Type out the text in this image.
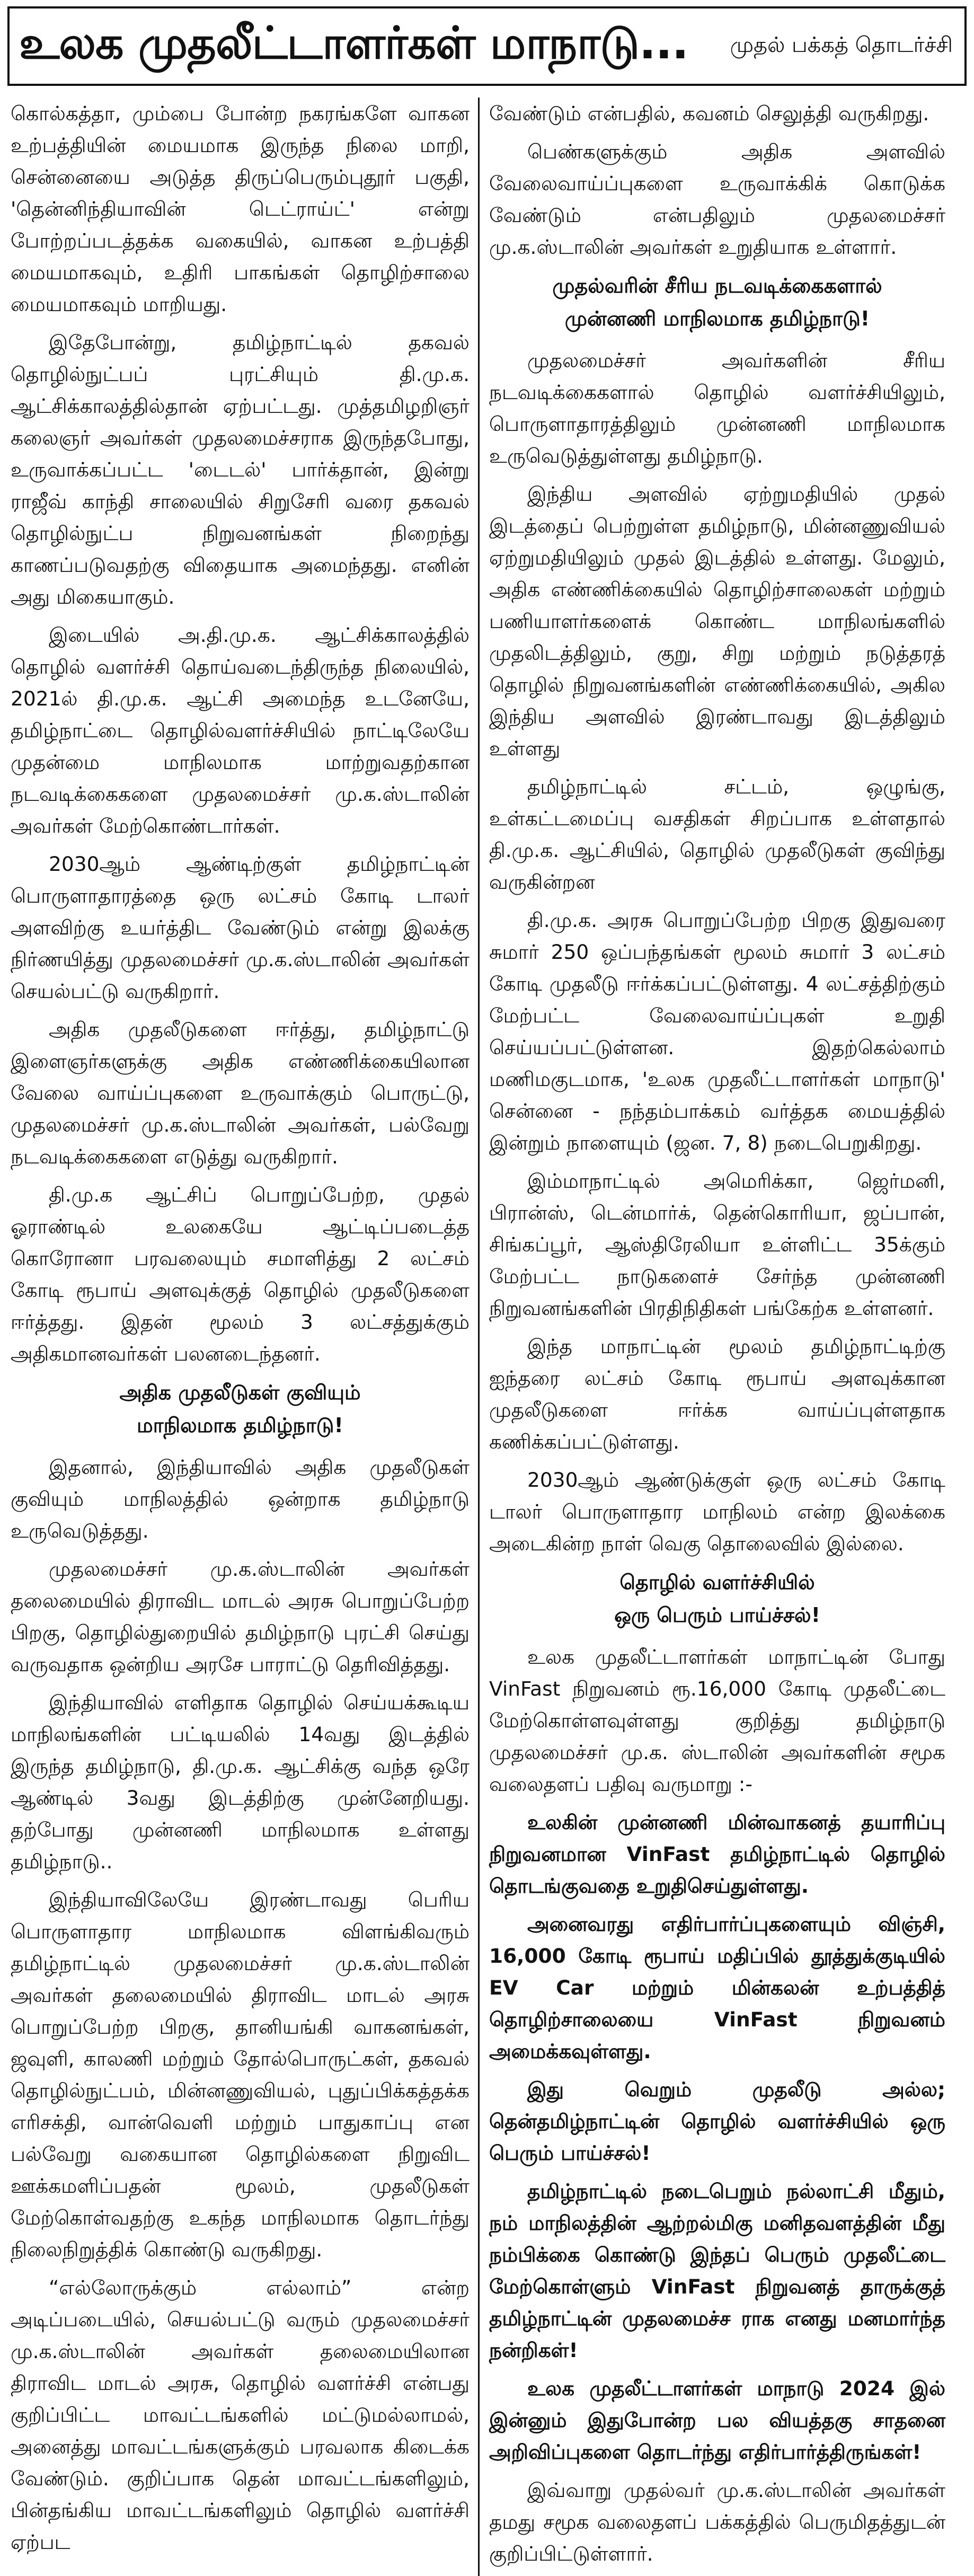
உலக முதலீட்டாளர்கள் மாநாடு... முதல் பக்கத் தொடர்ச்சி

கொல்கத்தா, மும்பை போன்ற நகரங்களே வாகன உற்பத்தியின் மையமாக இருந்த நிலை மாறி, சென்னையை அடுத்த திருப்பெரும்புதூர் பகுதி, 'தென்னிந்தியாவின் டெட்ராய்ட்' என்று போற்றப்படத்தக்க வகையில், வாகன உற்பத்தி மையமாகவும், உதிரி பாகங்கள் தொழிற்சாலை மையமாகவும் மாறியது.

இதேபோன்று, தமிழ்நாட்டில் தகவல் தொழில்நுட்பப் புரட்சியும் தி.மு.க. ஆட்சிக்காலத்தில்தான் ஏற்பட்டது. முத்தமிழறிஞர் கலைஞர் அவர்கள் முதலமைச்சராக இருந்தபோது, உருவாக்கப்பட்ட 'டைடல்' பார்க்தான், இன்று ராஜீவ் காந்தி சாலையில் சிறுசேரி வரை தகவல் தொழில்நுட்ப நிறுவனங்கள் நிறைந்து காணப்படுவதற்கு விதையாக அமைந்தது. எனின் அது மிகையாகும்.

இடையில் அ.தி.மு.க. ஆட்சிக்காலத்தில் தொழில் வளர்ச்சி தொய்வடைந்திருந்த நிலையில், 2021ல் தி.மு.க. ஆட்சி அமைந்த உடனேயே, தமிழ்நாட்டை தொழில்வளர்ச்சியில் நாட்டிலேயே முதன்மை மாநிலமாக மாற்றுவதற்கான நடவடிக்கைகளை முதலமைச்சர் மு.க.ஸ்டாலின் அவர்கள் மேற்கொண்டார்கள்.

2030ஆம் ஆண்டிற்குள் தமிழ்நாட்டின் பொருளாதாரத்தை ஒரு லட்சம் கோடி டாலர் அளவிற்கு உயர்த்திட வேண்டும் என்று இலக்கு நிர்ணயித்து முதலமைச்சர் மு.க.ஸ்டாலின் அவர்கள் செயல்பட்டு வருகிறார்.

அதிக முதலீடுகளை ஈர்த்து, தமிழ்நாட்டு இளைஞர்களுக்கு அதிக எண்ணிக்கையிலான வேலை வாய்ப்புகளை உருவாக்கும் பொருட்டு, முதலமைச்சர் மு.க.ஸ்டாலின் அவர்கள், பல்வேறு நடவடிக்கைகளை எடுத்து வருகிறார்.

தி.மு.க ஆட்சிப் பொறுப்பேற்ற, முதல் ஓராண்டில் உலகையே ஆட்டிப்படைத்த கொரோனா பரவலையும் சமாளித்து 2 லட்சம் கோடி ரூபாய் அளவுக்குத் தொழில் முதலீடுகளை ஈர்த்தது. இதன் மூலம் 3 லட்சத்துக்கும் அதிகமானவர்கள் பலனடைந்தனர்.

அதிக முதலீடுகள் குவியும்
மாநிலமாக தமிழ்நாடு!

இதனால், இந்தியாவில் அதிக முதலீடுகள் குவியும் மாநிலத்தில் ஒன்றாக தமிழ்நாடு உருவெடுத்தது.

முதலமைச்சர் மு.க.ஸ்டாலின் அவர்கள் தலைமையில் திராவிட மாடல் அரசு பொறுப்பேற்ற பிறகு, தொழில்துறையில் தமிழ்நாடு புரட்சி செய்து வருவதாக ஒன்றிய அரசே பாராட்டு தெரிவித்தது.

இந்தியாவில் எளிதாக தொழில் செய்யக்கூடிய மாநிலங்களின் பட்டியலில் 14வது இடத்தில் இருந்த தமிழ்நாடு, தி.மு.க. ஆட்சிக்கு வந்த ஒரே ஆண்டில் 3வது இடத்திற்கு முன்னேறியது. தற்போது முன்னணி மாநிலமாக உள்ளது தமிழ்நாடு..

இந்தியாவிலேயே இரண்டாவது பெரிய பொருளாதார மாநிலமாக விளங்கிவரும் தமிழ்நாட்டில் முதலமைச்சர் மு.க.ஸ்டாலின் அவர்கள் தலைமையில் திராவிட மாடல் அரசு பொறுப்பேற்ற பிறகு, தானியங்கி வாகனங்கள், ஜவுளி, காலணி மற்றும் தோல்பொருட்கள், தகவல் தொழில்நுட்பம், மின்னணுவியல், புதுப்பிக்கத்தக்க எரிசக்தி, வான்வெளி மற்றும் பாதுகாப்பு என பல்வேறு வகையான தொழில்களை நிறுவிட ஊக்கமளிப்பதன் மூலம், முதலீடுகள் மேற்கொள்வதற்கு உகந்த மாநிலமாக தொடர்ந்து நிலைநிறுத்திக் கொண்டு வருகிறது.

“எல்லோருக்கும் எல்லாம்” என்ற அடிப்படையில், செயல்பட்டு வரும் முதலமைச்சர் மு.க.ஸ்டாலின் அவர்கள் தலைமையிலான திராவிட மாடல் அரசு, தொழில் வளர்ச்சி என்பது குறிப்பிட்ட மாவட்டங்களில் மட்டுமல்லாமல், அனைத்து மாவட்டங்களுக்கும் பரவலாக கிடைக்க வேண்டும். குறிப்பாக தென் மாவட்டங்களிலும், பின்தங்கிய மாவட்டங்களிலும் தொழில் வளர்ச்சி ஏற்பட

வேண்டும் என்பதில், கவனம் செலுத்தி வருகிறது.

பெண்களுக்கும் அதிக அளவில் வேலைவாய்ப்புகளை உருவாக்கிக் கொடுக்க வேண்டும் என்பதிலும் முதலமைச்சர் மு.க.ஸ்டாலின் அவர்கள் உறுதியாக உள்ளார்.

முதல்வரின் சீரிய நடவடிக்கைகளால்
முன்னணி மாநிலமாக தமிழ்நாடு!

முதலமைச்சர் அவர்களின் சீரிய நடவடிக்கைகளால் தொழில் வளர்ச்சியிலும், பொருளாதாரத்திலும் முன்னணி மாநிலமாக உருவெடுத்துள்ளது தமிழ்நாடு.

இந்திய அளவில் ஏற்றுமதியில் முதல் இடத்தைப் பெற்றுள்ள தமிழ்நாடு, மின்னணுவியல் ஏற்றுமதியிலும் முதல் இடத்தில் உள்ளது. மேலும், அதிக எண்ணிக்கையில் தொழிற்சாலைகள் மற்றும் பணியாளர்களைக் கொண்ட மாநிலங்களில் முதலிடத்திலும், குறு, சிறு மற்றும் நடுத்தரத் தொழில் நிறுவனங்களின் எண்ணிக்கையில், அகில இந்திய அளவில் இரண்டாவது இடத்திலும் உள்ளது

தமிழ்நாட்டில் சட்டம், ஒழுங்கு, உள்கட்டமைப்பு வசதிகள் சிறப்பாக உள்ளதால் தி.மு.க. ஆட்சியில், தொழில் முதலீடுகள் குவிந்து வருகின்றன

தி.மு.க. அரசு பொறுப்பேற்ற பிறகு இதுவரை சுமார் 250 ஒப்பந்தங்கள் மூலம் சுமார் 3 லட்சம் கோடி முதலீடு ஈர்க்கப்பட்டுள்ளது. 4 லட்சத்திற்கும் மேற்பட்ட வேலைவாய்ப்புகள் உறுதி செய்யப்பட்டுள்ளன. இதற்கெல்லாம் மணிமகுடமாக, 'உலக முதலீட்டாளர்கள் மாநாடு' சென்னை - நந்தம்பாக்கம் வர்த்தக மையத்தில் இன்றும் நாளையும் (ஜன. 7, 8) நடைபெறுகிறது.

இம்மாநாட்டில் அமெரிக்கா, ஜெர்மனி, பிரான்ஸ், டென்மார்க், தென்கொரியா, ஜப்பான், சிங்கப்பூர், ஆஸ்திரேலியா உள்ளிட்ட 35க்கும் மேற்பட்ட நாடுகளைச் சேர்ந்த முன்னணி நிறுவனங்களின் பிரதிநிதிகள் பங்கேற்க உள்ளனர்.

இந்த மாநாட்டின் மூலம் தமிழ்நாட்டிற்கு ஐந்தரை லட்சம் கோடி ரூபாய் அளவுக்கான முதலீடுகளை ஈர்க்க வாய்ப்புள்ளதாக கணிக்கப்பட்டுள்ளது.

2030ஆம் ஆண்டுக்குள் ஒரு லட்சம் கோடி டாலர் பொருளாதார மாநிலம் என்ற இலக்கை அடைகின்ற நாள் வெகு தொலைவில் இல்லை.

தொழில் வளர்ச்சியில்
ஒரு பெரும் பாய்ச்சல்!

உலக முதலீட்டாளர்கள் மாநாட்டின் போது VinFast நிறுவனம் ரூ.16,000 கோடி முதலீட்டை மேற்கொள்ளவுள்ளது குறித்து தமிழ்நாடு முதலமைச்சர் மு.க. ஸ்டாலின் அவர்களின் சமூக வலைதளப் பதிவு வருமாறு :-

உலகின் முன்னணி மின்வாகனத் தயாரிப்பு நிறுவனமான VinFast தமிழ்நாட்டில் தொழில் தொடங்குவதை உறுதிசெய்துள்ளது.

அனைவரது எதிர்பார்ப்புகளையும் விஞ்சி, 16,000 கோடி ரூபாய் மதிப்பில் தூத்துக்குடியில் EV Car மற்றும் மின்கலன் உற்பத்தித் தொழிற்சாலையை VinFast நிறுவனம் அமைக்கவுள்ளது.

இது வெறும் முதலீடு அல்ல; தென்தமிழ்நாட்டின் தொழில் வளர்ச்சியில் ஒரு பெரும் பாய்ச்சல்!

தமிழ்நாட்டில் நடைபெறும் நல்லாட்சி மீதும், நம் மாநிலத்தின் ஆற்றல்மிகு மனிதவளத்தின் மீது நம்பிக்கை கொண்டு இந்தப் பெரும் முதலீட்டை மேற்கொள்ளும் VinFast நிறுவனத் தாருக்குத் தமிழ்நாட்டின் முதலமைச்ச ராக எனது மனமார்ந்த நன்றிகள்!

உலக முதலீட்டாளர்கள் மாநாடு 2024 இல் இன்னும் இதுபோன்ற பல வியத்தகு சாதனை அறிவிப்புகளை தொடர்ந்து எதிர்பார்த்திருங்கள்!

இவ்வாறு முதல்வர் மு.க.ஸ்டாலின் அவர்கள் தமது சமூக வலைதளப் பக்கத்தில் பெருமிதத்துடன் குறிப்பிட்டுள்ளார்.
